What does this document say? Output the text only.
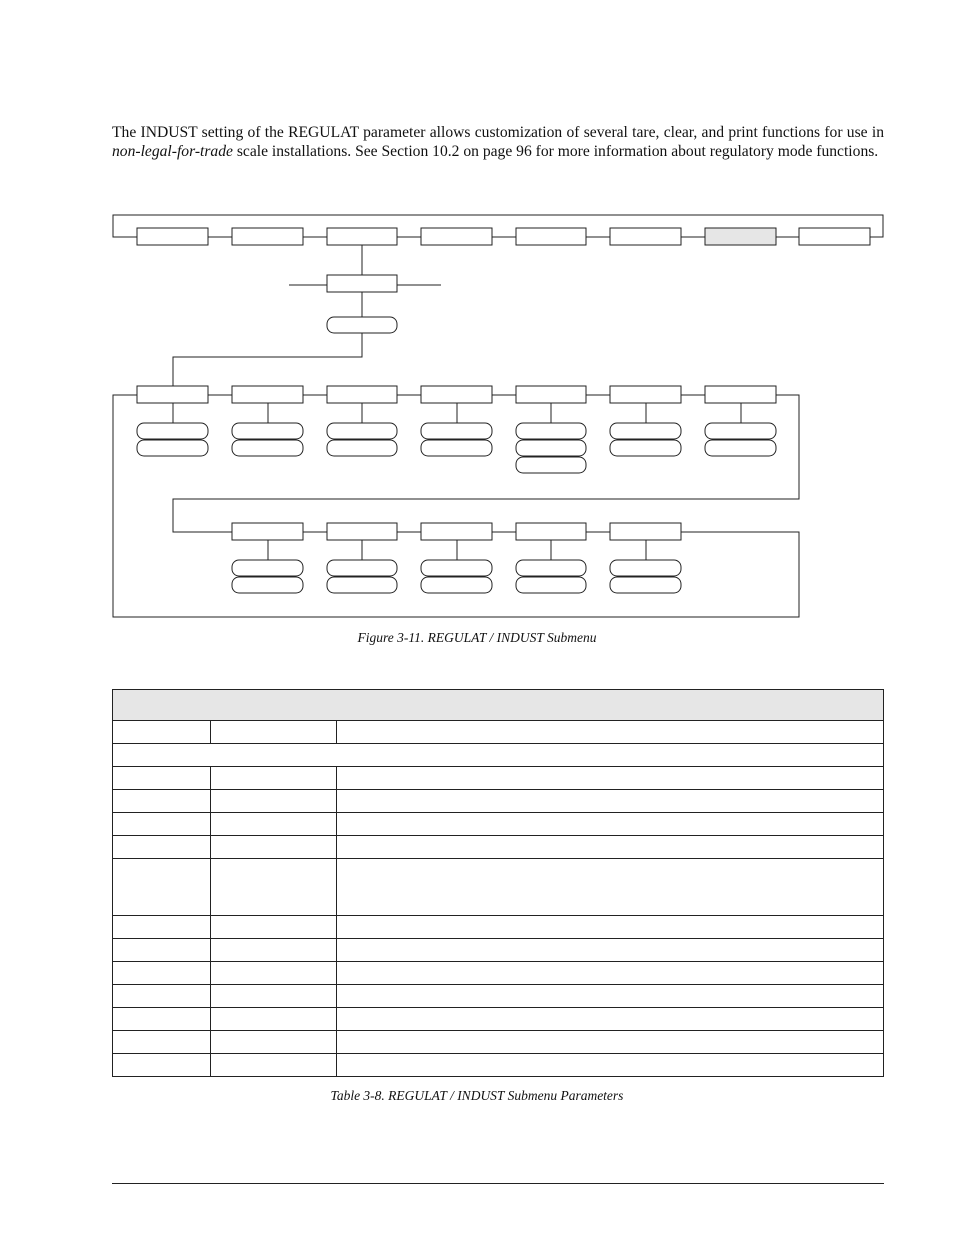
The INDUST setting of the REGULAT parameter allows customization of several tare, clear, and print functions for use in non-legal-for-trade scale installations. See Section 10.2 on page 96 for more information about regulatory mode functions.

Figure 3-11. REGULAT / INDUST Submenu

Table 3-8. REGULAT / INDUST Submenu Parameters
